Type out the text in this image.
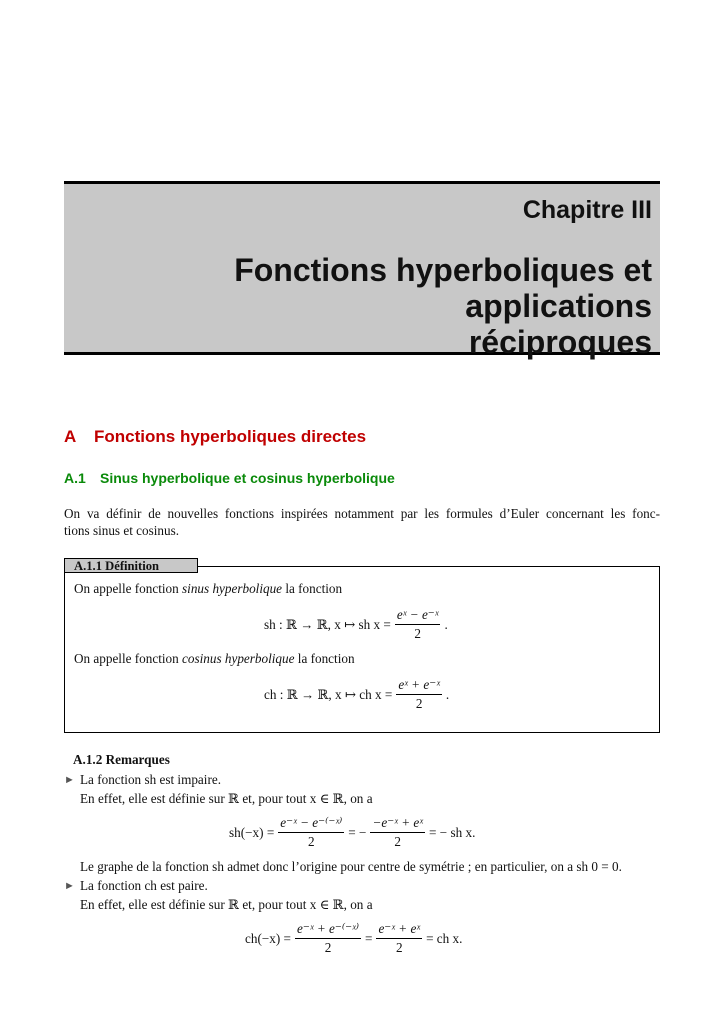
Chapitre III
Fonctions hyperboliques et applications
réciproques
A Fonctions hyperboliques directes
A.1 Sinus hyperbolique et cosinus hyperbolique
On va définir de nouvelles fonctions inspirées notamment par les formules d’Euler concernant les fonc-
tions sinus et cosinus.
A.1.1 Définition
On appelle fonction sinus hyperbolique la fonction
sh : ℝ → ℝ, x ↦ sh $x = \frac{\text{eˣ − e⁻ˣ}}{2}$ .
On appelle fonction cosinus hyperbolique la fonction
ch : ℝ → ℝ, x ↦ ch $x = \frac{\text{eˣ + e⁻ˣ}}{2}$ .
A.1.2 Remarques
► La fonction sh est impaire.
En effet, elle est définie sur ℝ et, pour tout x ∈ ℝ, on a
$sh(-x) = \frac{\text{e⁻ˣ − e⁻⁽⁻ˣ⁾}}{2}$ = − $\frac{\text{−e⁻ˣ + eˣ}}{2}$ = − sh x.
Le graphe de la fonction sh admet donc l’origine pour centre de symétrie ; en particulier, on a sh 0 = 0.
► La fonction ch est paire.
En effet, elle est définie sur ℝ et, pour tout x ∈ ℝ, on a
$ch(-x) = \frac{\text{e⁻ˣ + e⁻⁽⁻ˣ⁾}}{2} = \frac{\text{e⁻ˣ + eˣ}}{2}$ = ch x.
